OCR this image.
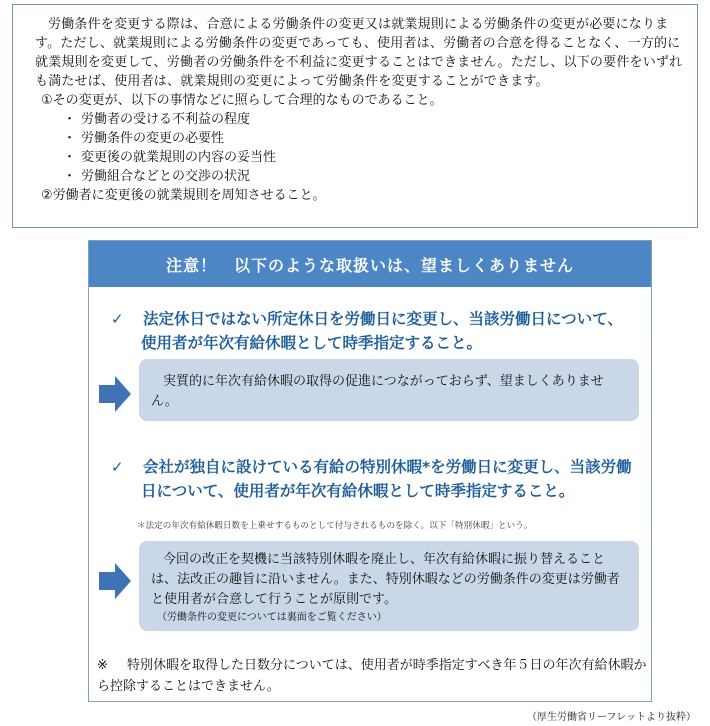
労働条件を変更する際は、合意による労働条件の変更又は就業規則による労働条件の変更が必要になります。ただし、就業規則による労働条件の変更であっても、使用者は、労働者の合意を得ることなく、一方的に就業規則を変更して、労働者の労働条件を不利益に変更することはできません。ただし、以下の要件をいずれも満たせば、使用者は、就業規則の変更によって労働条件を変更することができます。

①その変更が、以下の事情などに照らして合理的なものであること。

・ 労働者の受ける不利益の程度
・ 労働条件の変更の必要性
・ 変更後の就業規則の内容の妥当性
・ 労働組合などとの交渉の状況

②労働者に変更後の就業規則を周知させること。

注意！　以下のような取扱いは、望ましくありません
✓	法定休日ではない所定休日を労働日に変更し、当該労働日について、使用者が年次有給休暇として時季指定すること。
実質的に年次有給休暇の取得の促進につながっておらず、望ましくありません。
✓	会社が独自に設けている有給の特別休暇*を労働日に変更し、当該労働日について、使用者が年次有給休暇として時季指定すること。
＊法定の年次有給休暇日数を上乗せするものとして付与されるものを除く。以下「特別休暇」という。
今回の改正を契機に当該特別休暇を廃止し、年次有給休暇に振り替えることは、法改正の趣旨に沿いません。また、特別休暇などの労働条件の変更は労働者と使用者が合意して行うことが原則です。
（労働条件の変更については裏面をご覧ください）
※ 特別休暇を取得した日数分については、使用者が時季指定すべき年５日の年次有給休暇から控除することはできません。
（厚生労働省リーフレットより抜粋）
